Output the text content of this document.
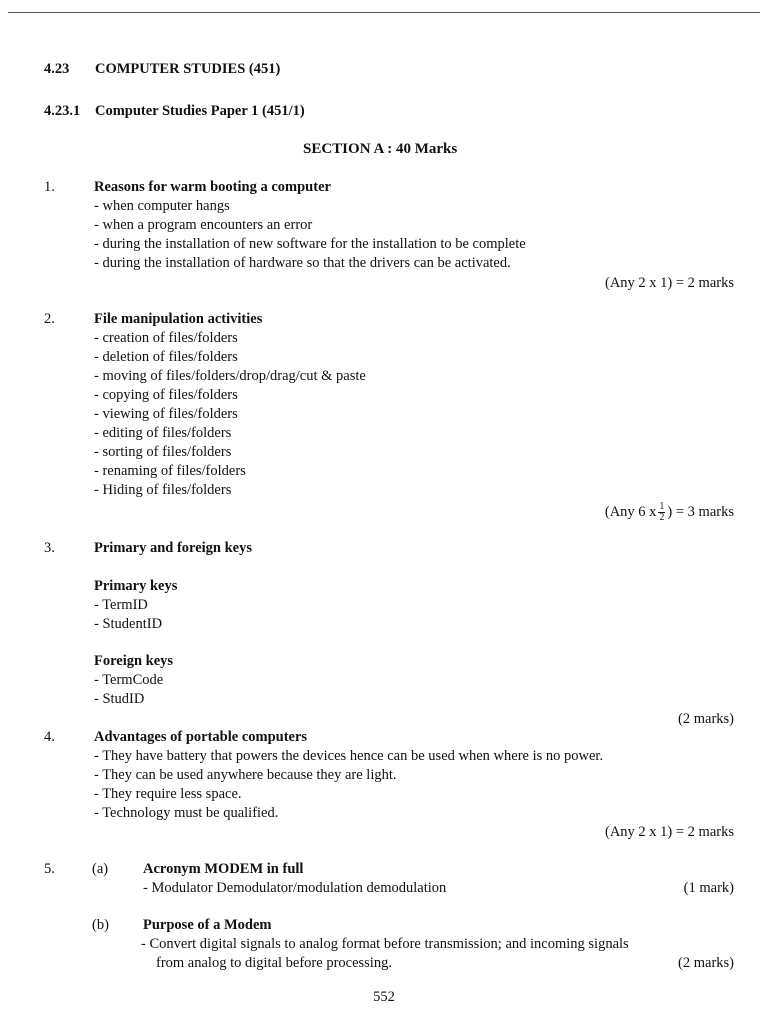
4.23 COMPUTER STUDIES (451)
4.23.1 Computer Studies Paper 1 (451/1)
SECTION A : 40 Marks
1.	Reasons for warm booting a computer
- when computer hangs
- when a program encounters an error
- during the installation of new software for the installation to be complete
- during the installation of hardware so that the drivers can be activated.
(Any 2 x 1) = 2 marks
2.	File manipulation activities
- creation of files/folders
- deletion of files/folders
- moving of files/folders/drop/drag/cut & paste
- copying of files/folders
- viewing of files/folders
- editing of files/folders
- sorting of files/folders
- renaming of files/folders
- Hiding of files/folders
(Any 6 x $\frac{1}{2}$ ) = 3 marks
3.	Primary and foreign keys
Primary keys
- TermID
- StudentID
Foreign keys
- TermCode
- StudID
(2 marks)
4.	Advantages of portable computers
- They have battery that powers the devices hence can be used when where is no power.
- They can be used anywhere because they are light.
- They require less space.
- Technology must be qualified.
(Any 2 x 1) = 2 marks
5.	(a) Acronym MODEM in full
- Modulator Demodulator/modulation demodulation	(1 mark)
(b) Purpose of a Modem
- Convert digital signals to analog format before transmission; and incoming signals
from analog to digital before processing.	(2 marks)
552
